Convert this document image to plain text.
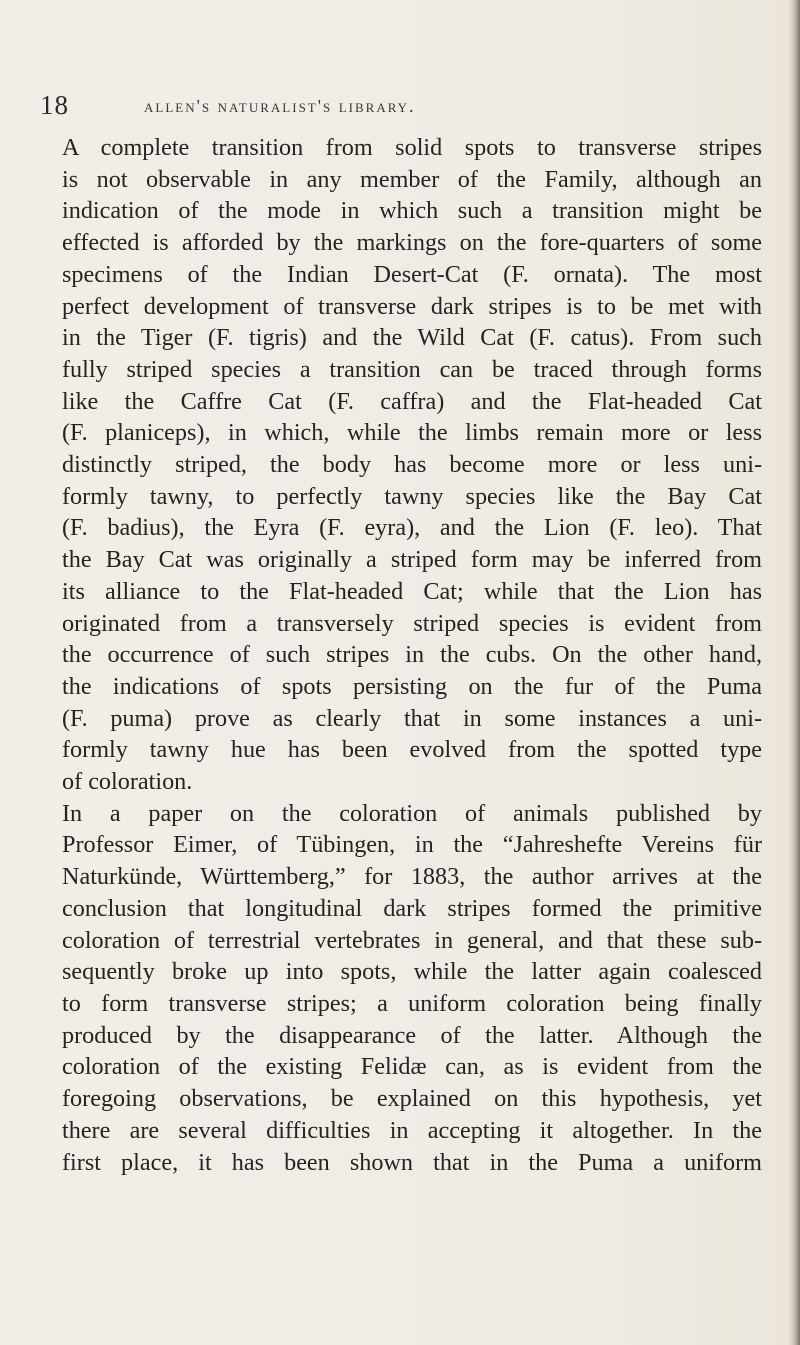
18	allen's naturalist's library.

A complete transition from solid spots to transverse stripes
is not observable in any member of the Family, although an
indication of the mode in which such a transition might be
effected is afforded by the markings on the fore-quarters of some
specimens of the Indian Desert-Cat (F. ornata). The most
perfect development of transverse dark stripes is to be met with
in the Tiger (F. tigris) and the Wild Cat (F. catus). From such
fully striped species a transition can be traced through forms
like the Caffre Cat (F. caffra) and the Flat-headed Cat
(F. planiceps), in which, while the limbs remain more or less
distinctly striped, the body has become more or less uni-
formly tawny, to perfectly tawny species like the Bay Cat
(F. badius), the Eyra (F. eyra), and the Lion (F. leo). That
the Bay Cat was originally a striped form may be inferred from
its alliance to the Flat-headed Cat; while that the Lion has
originated from a transversely striped species is evident from
the occurrence of such stripes in the cubs. On the other hand,
the indications of spots persisting on the fur of the Puma
(F. puma) prove as clearly that in some instances a uni-
formly tawny hue has been evolved from the spotted type
of coloration.

In a paper on the coloration of animals published by
Professor Eimer, of Tübingen, in the “Jahreshefte Vereins für
Naturkünde, Württemberg,” for 1883, the author arrives at the
conclusion that longitudinal dark stripes formed the primitive
coloration of terrestrial vertebrates in general, and that these sub-
sequently broke up into spots, while the latter again coalesced
to form transverse stripes; a uniform coloration being finally
produced by the disappearance of the latter. Although the
coloration of the existing Felidæ can, as is evident from the
foregoing observations, be explained on this hypothesis, yet
there are several difficulties in accepting it altogether. In the
first place, it has been shown that in the Puma a uniform
